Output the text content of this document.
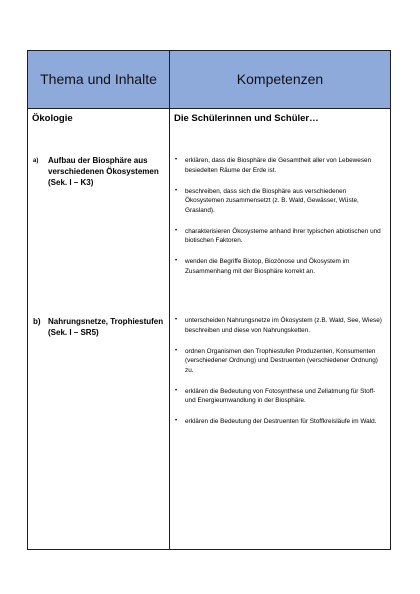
Thema und Inhalte	Kompetenzen
Ökologie	Die Schülerinnen und Schüler…
a) Aufbau der Biosphäre aus verschiedenen Ökosystemen (Sek. I – K3)
• erklären, dass die Biosphäre die Gesamtheit aller von Lebewesen besiedelten Räume der Erde ist.
• beschreiben, dass sich die Biosphäre aus verschiedenen Ökosystemen zusammensetzt (z. B. Wald, Gewässer, Wüste, Grasland).
• charakterisieren Ökosysteme anhand ihrer typischen abiotischen und biotischen Faktoren.
• wenden die Begriffe Biotop, Biozönose und Ökosystem im Zusammenhang mit der Biosphäre korrekt an.
b) Nahrungsnetze, Trophiestufen (Sek. I – SR5)
• unterscheiden Nahrungsnetze im Ökosystem (z.B. Wald, See, Wiese) beschreiben und diese von Nahrungsketten.
• ordnen Organismen den Trophiestufen Produzenten, Konsumenten (verschiedener Ordnung) und Destruenten (verschiedener Ordnung) zu.
• erklären die Bedeutung von Fotosynthese und Zellatmung für Stoff- und Energieumwandlung in der Biosphäre.
• erklären die Bedeutung der Destruenten für Stoffkreisläufe im Wald.
